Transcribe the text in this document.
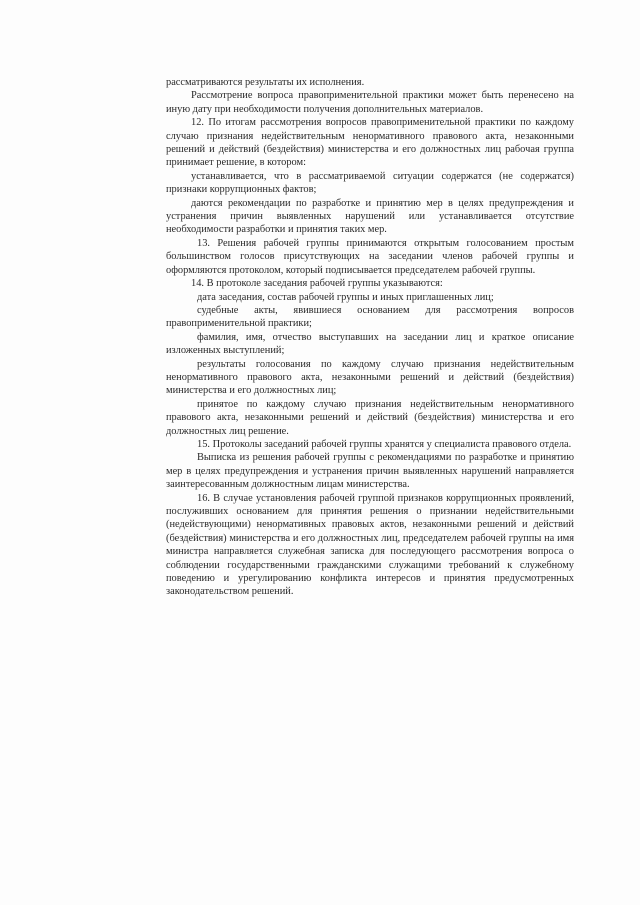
рассматриваются результаты их исполнения.

Рассмотрение вопроса правоприменительной практики может быть перенесено на иную дату при необходимости получения дополнительных материалов.

12. По итогам рассмотрения вопросов правоприменительной практики по каждому случаю признания недействительным ненормативного правового акта, незаконными решений и действий (бездействия) министерства и его должностных лиц рабочая группа принимает решение, в котором:

устанавливается, что в рассматриваемой ситуации содержатся (не содержатся) признаки коррупционных фактов;

даются рекомендации по разработке и принятию мер в целях предупреждения и устранения причин выявленных нарушений или устанавливается отсутствие необходимости разработки и принятия таких мер.

13. Решения рабочей группы принимаются открытым голосованием простым большинством голосов присутствующих на заседании членов рабочей группы и оформляются протоколом, который подписывается председателем рабочей группы.

14. В протоколе заседания рабочей группы указываются:

дата заседания, состав рабочей группы и иных приглашенных лиц;

судебные акты, явившиеся основанием для рассмотрения вопросов правоприменительной практики;

фамилия, имя, отчество выступавших на заседании лиц и краткое описание изложенных выступлений;

результаты голосования по каждому случаю признания недействительным ненормативного правового акта, незаконными решений и действий (бездействия) министерства и его должностных лиц;

принятое по каждому случаю признания недействительным ненормативного правового акта, незаконными решений и действий (бездействия) министерства и его должностных лиц решение.

15. Протоколы заседаний рабочей группы хранятся у специалиста правового отдела.

Выписка из решения рабочей группы с рекомендациями по разработке и принятию мер в целях предупреждения и устранения причин выявленных нарушений направляется заинтересованным должностным лицам министерства.

16. В случае установления рабочей группой признаков коррупционных проявлений, послуживших основанием для принятия решения о признании недействительными (недействующими) ненормативных правовых актов, незаконными решений и действий (бездействия) министерства и его должностных лиц, председателем рабочей группы на имя министра направляется служебная записка для последующего рассмотрения вопроса о соблюдении государственными гражданскими служащими требований к служебному поведению и урегулированию конфликта интересов и принятия предусмотренных законодательством решений.
